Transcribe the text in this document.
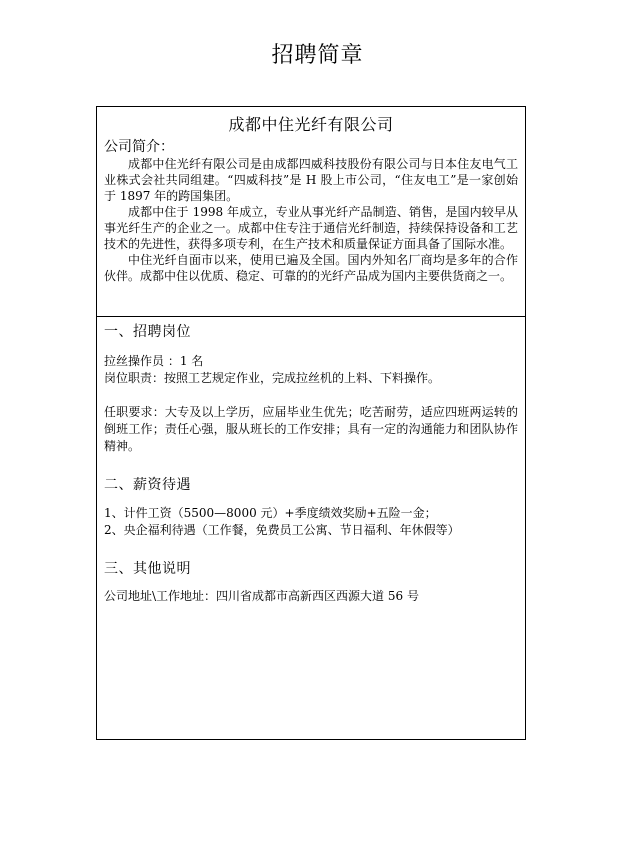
招聘简章
成都中住光纤有限公司
公司简介：

成都中住光纤有限公司是由成都四威科技股份有限公司与日本住友电气工业株式会社共同组建。“四威科技”是 H 股上市公司，“住友电工”是一家创始于 1897 年的跨国集团。

成都中住于 1998 年成立，专业从事光纤产品制造、销售，是国内较早从事光纤生产的企业之一。成都中住专注于通信光纤制造，持续保持设备和工艺技术的先进性，获得多项专利，在生产技术和质量保证方面具备了国际水准。

中住光纤自面市以来，使用已遍及全国。国内外知名厂商均是多年的合作伙伴。成都中住以优质、稳定、可靠的的光纤产品成为国内主要供货商之一。

一、招聘岗位

拉丝操作员 ：1 名

岗位职责：按照工艺规定作业，完成拉丝机的上料、下料操作。

任职要求：大专及以上学历，应届毕业生优先；吃苦耐劳，适应四班两运转的倒班工作；责任心强，服从班长的工作安排；具有一定的沟通能力和团队协作精神。

二、薪资待遇

1、计件工资（5500—8000 元）+季度绩效奖励+五险一金；

2、央企福利待遇（工作餐，免费员工公寓、节日福利、年休假等）

三、其他说明

公司地址\工作地址：四川省成都市高新西区西源大道 56 号
